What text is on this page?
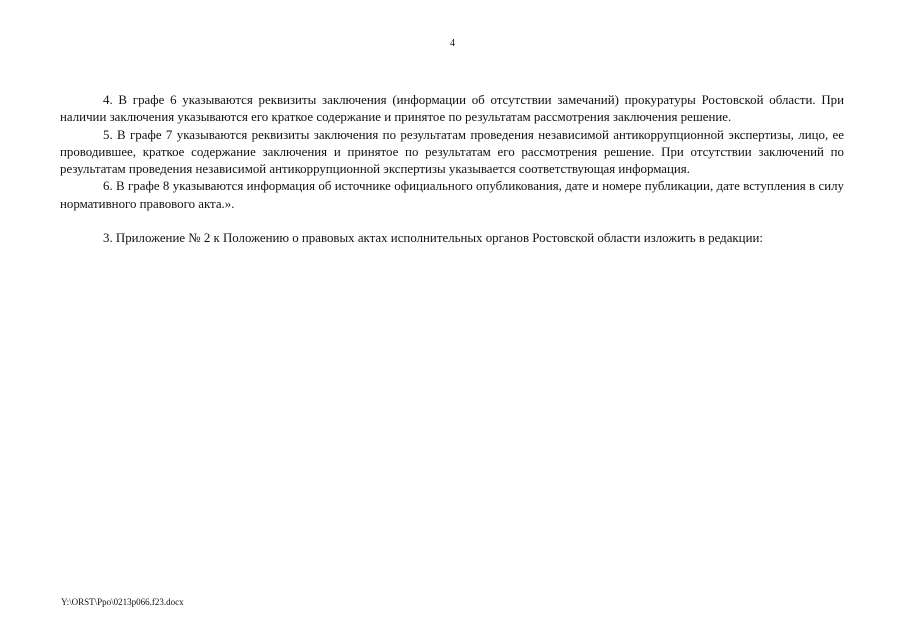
4

4. В графе 6 указываются реквизиты заключения (информации об отсутствии замечаний) прокуратуры Ростовской области. При наличии заключения указываются его краткое содержание и принятое по результатам рассмотрения заключения решение.

5. В графе 7 указываются реквизиты заключения по результатам проведения независимой антикоррупционной экспертизы, лицо, ее проводившее, краткое содержание заключения и принятое по результатам его рассмотрения решение. При отсутствии заключений по результатам проведения независимой антикоррупционной экспертизы указывается соответствующая информация.

6. В графе 8 указываются информация об источнике официального опубликования, дате и номере публикации, дате вступления в силу нормативного правового акта.».

3. Приложение № 2 к Положению о правовых актах исполнительных органов Ростовской области изложить в редакции:

Y:\ORST\Ppo\0213p066.f23.docx
